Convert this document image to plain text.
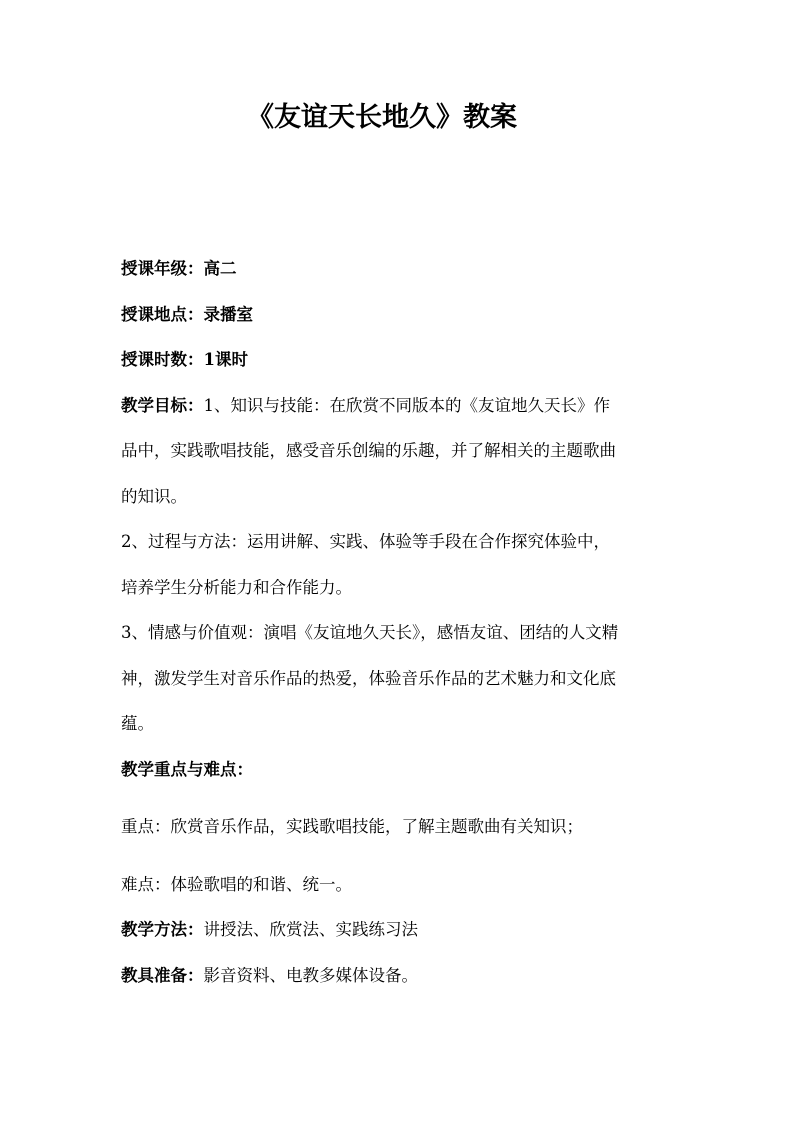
《友谊天长地久》教案
授课年级：高二
授课地点：录播室
授课时数：1课时
教学目标：1、知识与技能：在欣赏不同版本的《友谊地久天长》作
品中，实践歌唱技能，感受音乐创编的乐趣，并了解相关的主题歌曲
的知识。
2、过程与方法：运用讲解、实践、体验等手段在合作探究体验中，
培养学生分析能力和合作能力。
3、情感与价值观：演唱《友谊地久天长》，感悟友谊、团结的人文精
神，激发学生对音乐作品的热爱，体验音乐作品的艺术魅力和文化底
蕴。
教学重点与难点：
重点：欣赏音乐作品，实践歌唱技能，了解主题歌曲有关知识；
难点：体验歌唱的和谐、统一。
教学方法：讲授法、欣赏法、实践练习法
教具准备：影音资料、电教多媒体设备。
